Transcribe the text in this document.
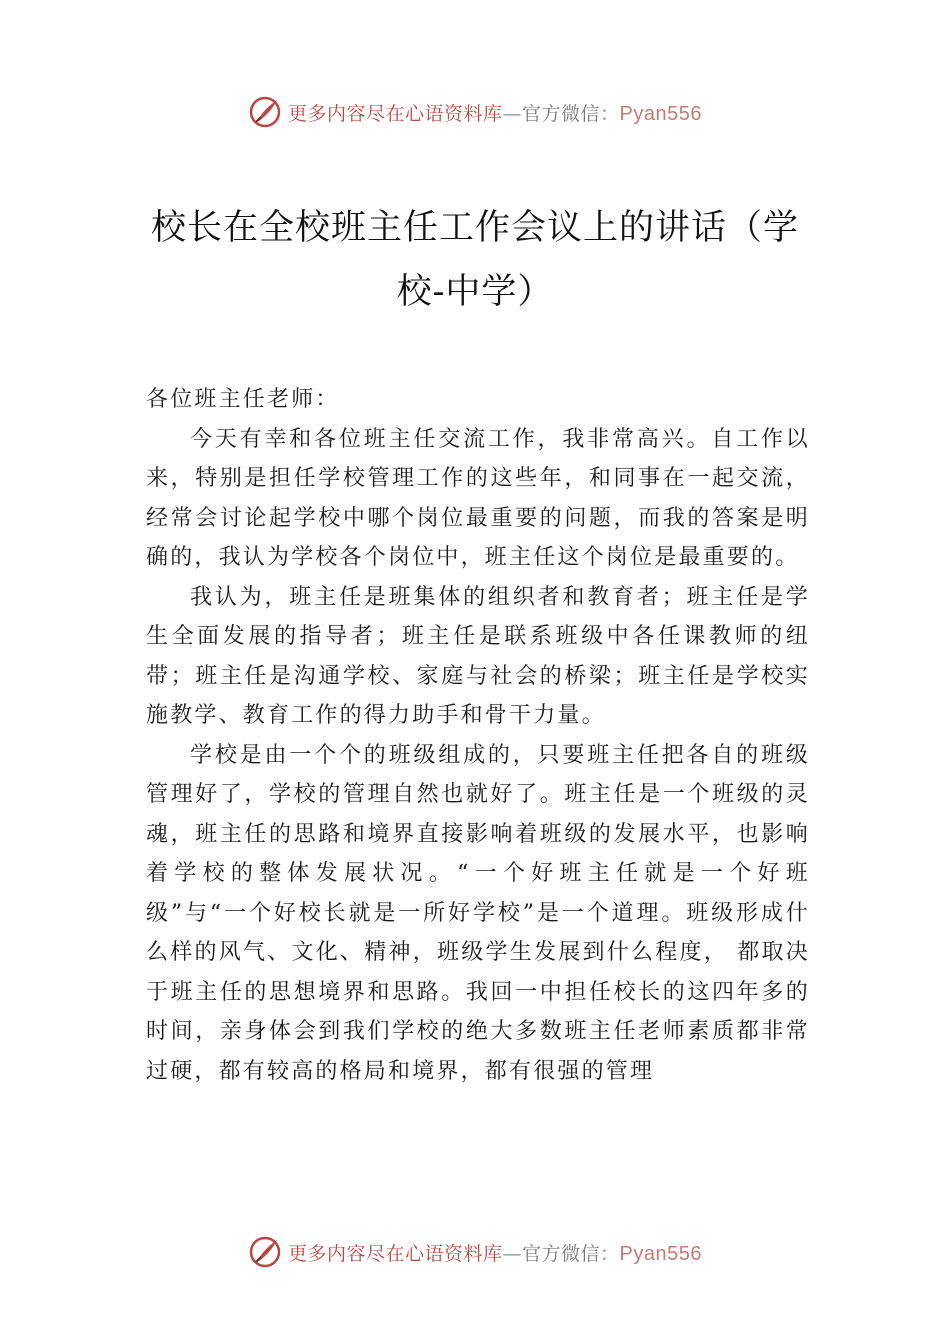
更多内容尽在心语资料库—官方微信：Pyan556
校长在全校班主任工作会议上的讲话（学
校-中学）

各位班主任老师：

今天有幸和各位班主任交流工作，我非常高兴。自工作以来，特别是担任学校管理工作的这些年，和同事在一起交流，经常会讨论起学校中哪个岗位最重要的问题，而我的答案是明确的，我认为学校各个岗位中，班主任这个岗位是最重要的。

我认为，班主任是班集体的组织者和教育者；班主任是学生全面发展的指导者；班主任是联系班级中各任课教师的纽带；班主任是沟通学校、家庭与社会的桥梁；班主任是学校实施教学、教育工作的得力助手和骨干力量。

学校是由一个个的班级组成的，只要班主任把各自的班级管理好了，学校的管理自然也就好了。班主任是一个班级的灵魂，班主任的思路和境界直接影响着班级的发展水平，也影响着学校的整体发展状况。“一个好班主任就是一个好班级”与“一个好校长就是一所好学校”是一个道理。班级形成什么样的风气、文化、精神，班级学生发展到什么程度， 都取决于班主任的思想境界和思路。我回一中担任校长的这四年多的时间，亲身体会到我们学校的绝大多数班主任老师素质都非常过硬，都有较高的格局和境界，都有很强的管理

更多内容尽在心语资料库—官方微信：Pyan556
